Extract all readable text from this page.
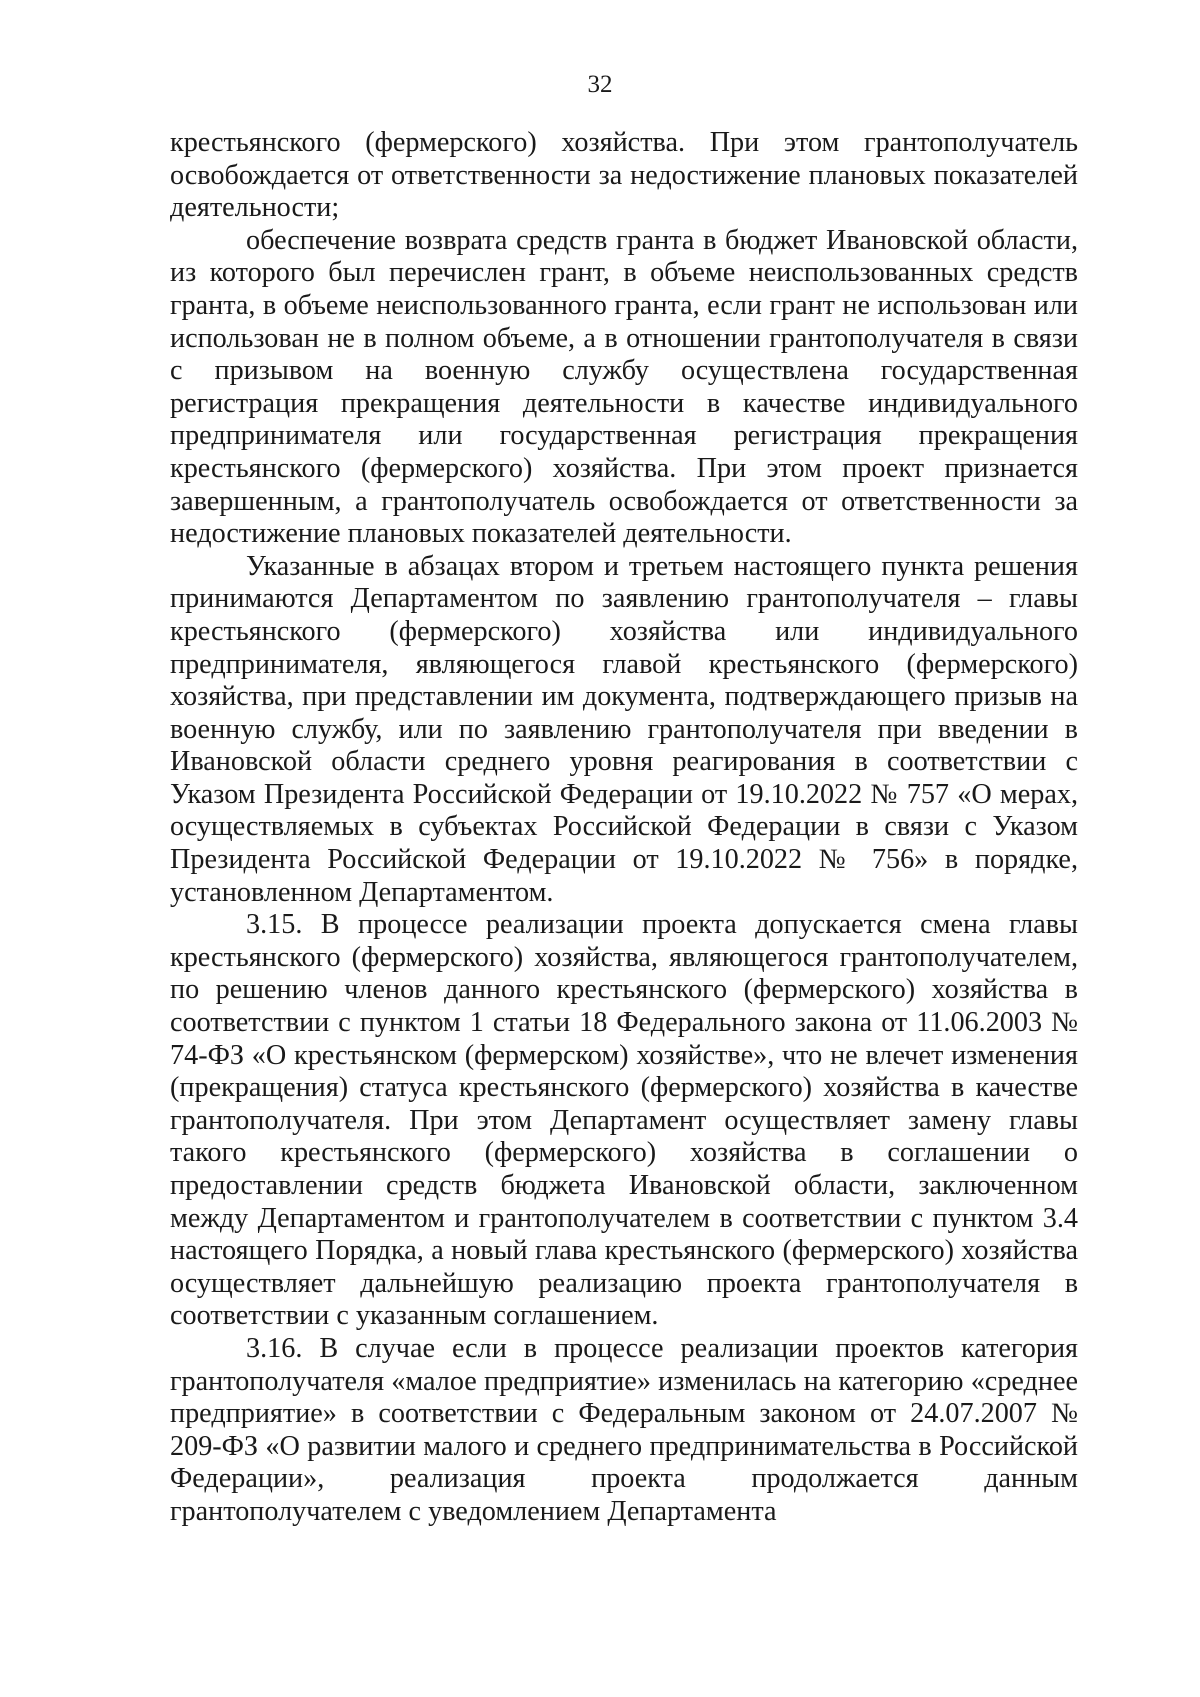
32

крестьянского (фермерского) хозяйства. При этом грантополучатель освобождается от ответственности за недостижение плановых показателей деятельности;

обеспечение возврата средств гранта в бюджет Ивановской области, из которого был перечислен грант, в объеме неиспользованных средств гранта, в объеме неиспользованного гранта, если грант не использован или использован не в полном объеме, а в отношении грантополучателя в связи с призывом на военную службу осуществлена государственная регистрация прекращения деятельности в качестве индивидуального предпринимателя или государственная регистрация прекращения крестьянского (фермерского) хозяйства. При этом проект признается завершенным, а грантополучатель освобождается от ответственности за недостижение плановых показателей деятельности.

Указанные в абзацах втором и третьем настоящего пункта решения принимаются Департаментом по заявлению грантополучателя – главы крестьянского (фермерского) хозяйства или индивидуального предпринимателя, являющегося главой крестьянского (фермерского) хозяйства, при представлении им документа, подтверждающего призыв на военную службу, или по заявлению грантополучателя при введении в Ивановской области среднего уровня реагирования в соответствии с Указом Президента Российской Федерации от 19.10.2022 № 757 «О мерах, осуществляемых в субъектах Российской Федерации в связи с Указом Президента Российской Федерации от 19.10.2022 № 756» в порядке, установленном Департаментом.

3.15. В процессе реализации проекта допускается смена главы крестьянского (фермерского) хозяйства, являющегося грантополучателем, по решению членов данного крестьянского (фермерского) хозяйства в соответствии с пунктом 1 статьи 18 Федерального закона от 11.06.2003 № 74-ФЗ «О крестьянском (фермерском) хозяйстве», что не влечет изменения (прекращения) статуса крестьянского (фермерского) хозяйства в качестве грантополучателя. При этом Департамент осуществляет замену главы такого крестьянского (фермерского) хозяйства в соглашении о предоставлении средств бюджета Ивановской области, заключенном между Департаментом и грантополучателем в соответствии с пунктом 3.4 настоящего Порядка, а новый глава крестьянского (фермерского) хозяйства осуществляет дальнейшую реализацию проекта грантополучателя в соответствии с указанным соглашением.

3.16. В случае если в процессе реализации проектов категория грантополучателя «малое предприятие» изменилась на категорию «среднее предприятие» в соответствии с Федеральным законом от 24.07.2007 № 209-ФЗ «О развитии малого и среднего предпринимательства в Российской Федерации», реализация проекта продолжается данным грантополучателем с уведомлением Департамента
